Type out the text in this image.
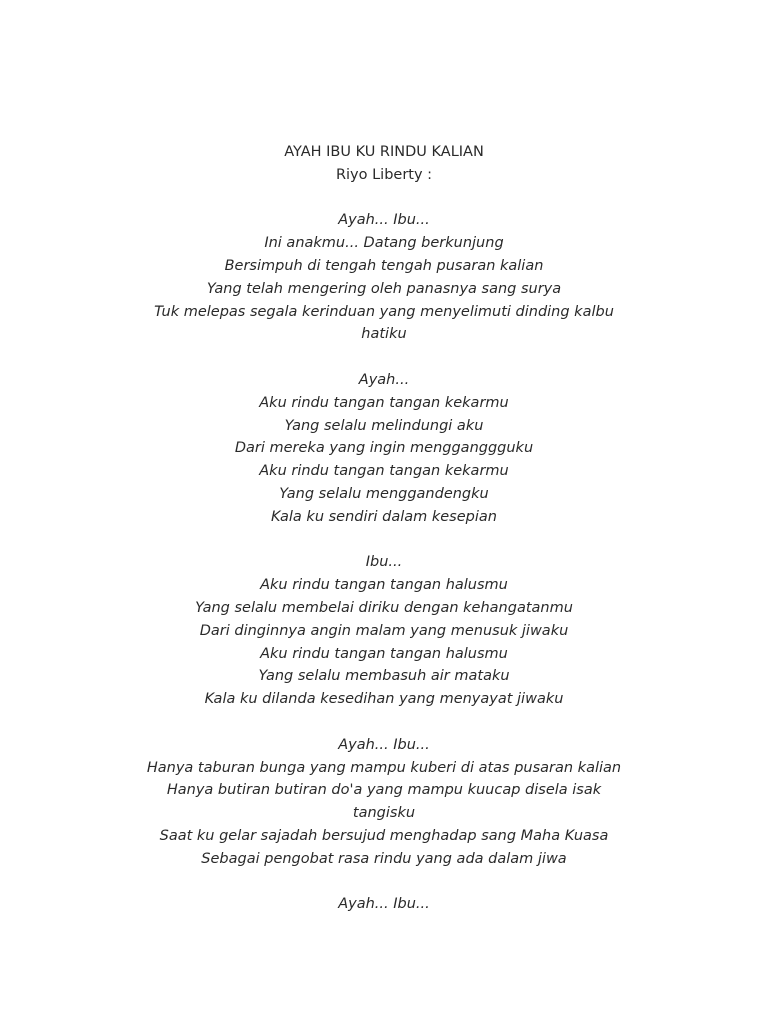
AYAH IBU KU RINDU KALIAN

Riyo Liberty :

Ayah... Ibu...

Ini anakmu... Datang berkunjung

Bersimpuh di tengah tengah pusaran kalian

Yang telah mengering oleh panasnya sang surya

Tuk melepas segala kerinduan yang menyelimuti dinding kalbu

hatiku

Ayah...

Aku rindu tangan tangan kekarmu

Yang selalu melindungi aku

Dari mereka yang ingin mengganggguku

Aku rindu tangan tangan kekarmu

Yang selalu menggandengku

Kala ku sendiri dalam kesepian

Ibu...

Aku rindu tangan tangan halusmu

Yang selalu membelai diriku dengan kehangatanmu

Dari dinginnya angin malam yang menusuk jiwaku

Aku rindu tangan tangan halusmu

Yang selalu membasuh air mataku

Kala ku dilanda kesedihan yang menyayat jiwaku

Ayah... Ibu...

Hanya taburan bunga yang mampu kuberi di atas pusaran kalian

Hanya butiran butiran do'a yang mampu kuucap disela isak

tangisku

Saat ku gelar sajadah bersujud menghadap sang Maha Kuasa

Sebagai pengobat rasa rindu yang ada dalam jiwa

Ayah... Ibu...
